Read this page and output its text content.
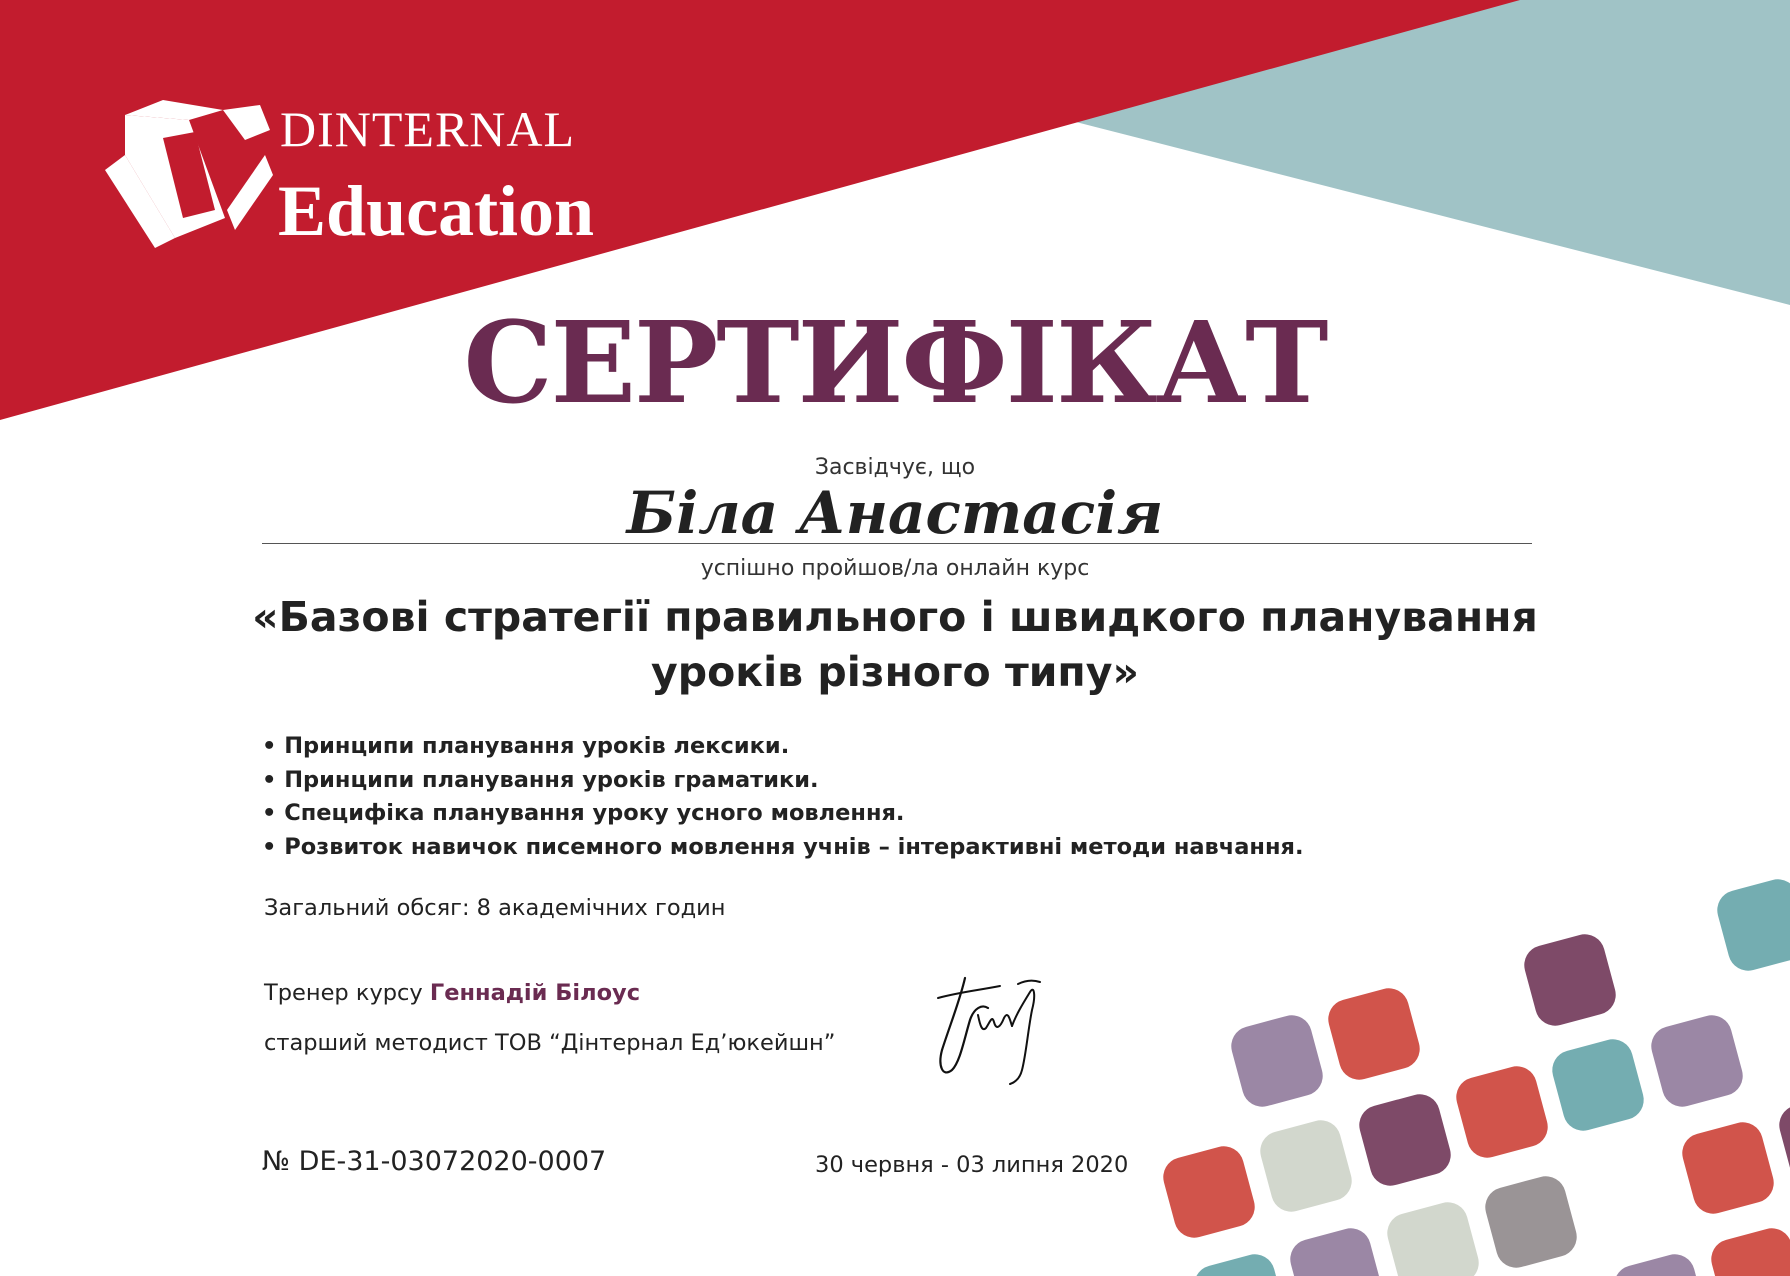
DINTERNAL
Education
СЕРТИФІКАТ
Засвідчує, що
Біла Анастасія
успішно пройшов/ла онлайн курс
«Базові стратегії правильного і швидкого планування
уроків різного типу»
• Принципи планування уроків лексики.
• Принципи планування уроків граматики.
• Специфіка планування уроку усного мовлення.
• Розвиток навичок писемного мовлення учнів – інтерактивні методи навчання.
Загальний обсяг: 8 академічних годин
Тренер курсу Геннадій Білоус
старший методист ТОВ “Дінтернал Ед’юкейшн”
№ DE-31-03072020-0007	30 червня - 03 липня 2020
